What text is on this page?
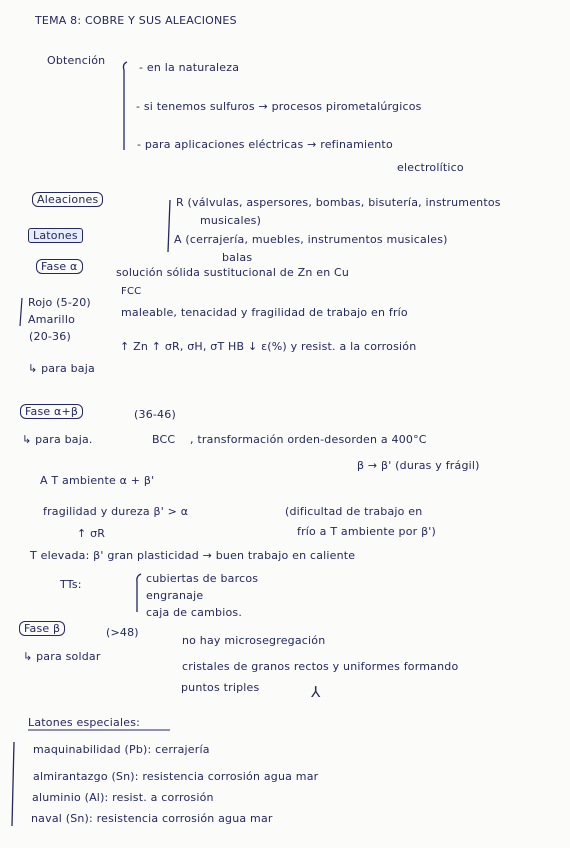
TEMA 8: COBRE Y SUS ALEACIONES
Obtención
- en la naturaleza
- si tenemos sulfuros → procesos pirometalúrgicos
- para aplicaciones eléctricas → refinamiento
electrolítico
Aleaciones	R (válvulas, aspersores, bombas, bisutería, instrumentos
musicales)
A (cerrajería, muebles, instrumentos musicales)
balas
Latones
Fase α	solución sólida sustitucional de Zn en Cu
FCC
Rojo (5-20)
Amarillo
(20-36)
maleable, tenacidad y fragilidad de trabajo en frío
↑ Zn ↑ σR, σH, σT HB ↓ ε(%) y resist. a la corrosión
↳ para baja
Fase α+β	(36-46)
↳ para baja.	BCC , transformación orden-desorden a 400°C
β → β' (duras y frágil)
A T ambiente α + β'
fragilidad y dureza β' > α	(dificultad de trabajo en
frío a T ambiente por β')
↑ σR
T elevada: β' gran plasticidad → buen trabajo en caliente
TTs:	cubiertas de barcos
engranaje
caja de cambios.
Fase β	(>48)
↳ para soldar
no hay microsegregación
cristales de granos rectos y uniformes formando
puntos triples	⅄
Latones especiales:
maquinabilidad (Pb): cerrajería
almirantazgo (Sn): resistencia corrosión agua mar
aluminio (Al): resist. a corrosión
naval (Sn): resistencia corrosión agua mar
